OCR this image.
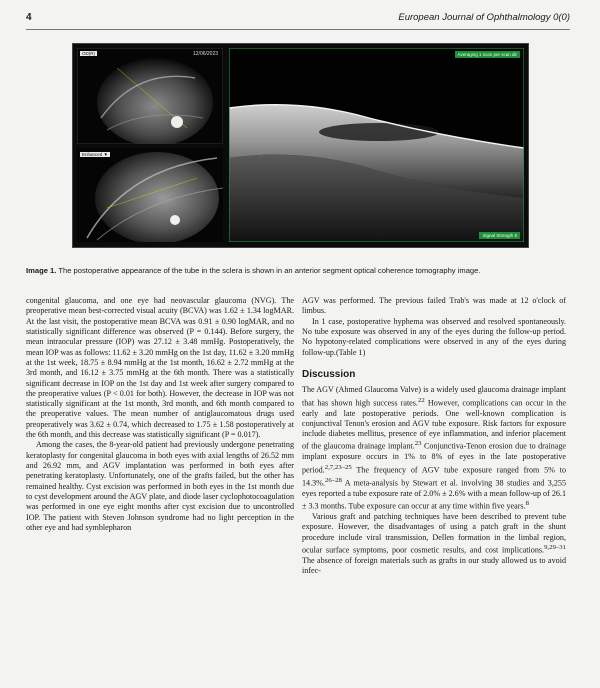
4	European Journal of Ophthalmology 0(0)
OD(R)	12/06/2023
Enhanced ▼
Averaging 1 scan per scan dir
Signal Strength 8
Image 1. The postoperative appearance of the tube in the sclera is shown in an anterior segment optical coherence tomography image.

congenital glaucoma, and one eye had neovascular glaucoma (NVG). The preoperative mean best-corrected visual acuity (BCVA) was 1.62 ± 1.34 logMAR. At the last visit, the postoperative mean BCVA was 0.91 ± 0.90 logMAR, and no statistically significant difference was observed (P = 0.144). Before surgery, the mean intraocular pressure (IOP) was 27.12 ± 3.48 mmHg. Postoperatively, the mean IOP was as follows: 11.62 ± 3.20 mmHg on the 1st day, 11.62 ± 3.20 mmHg at the 1st week, 18.75 ± 8.94 mmHg at the 1st month, 16.62 ± 2.72 mmHg at the 3rd month, and 16.12 ± 3.75 mmHg at the 6th month. There was a statistically significant decrease in IOP on the 1st day and 1st week after surgery compared to the preoperative values (P < 0.01 for both). However, the decrease in IOP was not statistically significant at the 1st month, 3rd month, and 6th month compared to the preoperative values. The mean number of antiglaucomatous drugs used preoperatively was 3.62 ± 0.74, which decreased to 1.75 ± 1.58 postoperatively at the 6th month, and this decrease was statistically significant (P = 0.017).

Among the cases, the 8-year-old patient had previously undergone penetrating keratoplasty for congenital glaucoma in both eyes with axial lengths of 26.52 mm and 26.92 mm, and AGV implantation was performed in both eyes after penetrating keratoplasty. Unfortunately, one of the grafts failed, but the other has remained healthy. Cyst excision was performed in both eyes in the 1st month due to cyst development around the AGV plate, and diode laser cyclophotocoagulation was performed in one eye eight months after cyst excision due to uncontrolled IOP. The patient with Steven Johnson syndrome had no light perception in the other eye and had symblepharon

AGV was performed. The previous failed Trab's was made at 12 o'clock of limbus.

In 1 case, postoperative hyphema was observed and resolved spontaneously. No tube exposure was observed in any of the eyes during the follow-up period. No hypotony-related complications were observed in any of the eyes during follow-up.(Table 1)

Discussion

The AGV (Ahmed Glaucoma Valve) is a widely used glaucoma drainage implant that has shown high success rates.$^{22}$ However, complications can occur in the early and late postoperative periods. One well-known complication is conjunctival Tenon's erosion and AGV tube exposure. Risk factors for exposure include diabetes mellitus, presence of eye inflammation, and inferior placement of the glaucoma drainage implant.$^{23}$ Conjunctiva-Tenon erosion due to drainage implant exposure occurs in 1% to 8% of eyes in the late postoperative period.$^{2,7,23-25}$ The frequency of AGV tube exposure ranged from 5% to 14.3%.$^{26-28}$ A meta-analysis by Stewart et al. involving 38 studies and 3,255 eyes reported a tube exposure rate of 2.0% ± 2.6% with a mean follow-up of 26.1 ± 3.3 months. Tube exposure can occur at any time within five years.$^8$

Various graft and patching techniques have been described to prevent tube exposure. However, the disadvantages of using a patch graft in the shunt procedure include viral transmission, Dellen formation in the limbal region, ocular surface symptoms, poor cosmetic results, and cost implications.$^{9,29-31}$ The absence of foreign materials such as grafts in our study allowed us to avoid infec-
